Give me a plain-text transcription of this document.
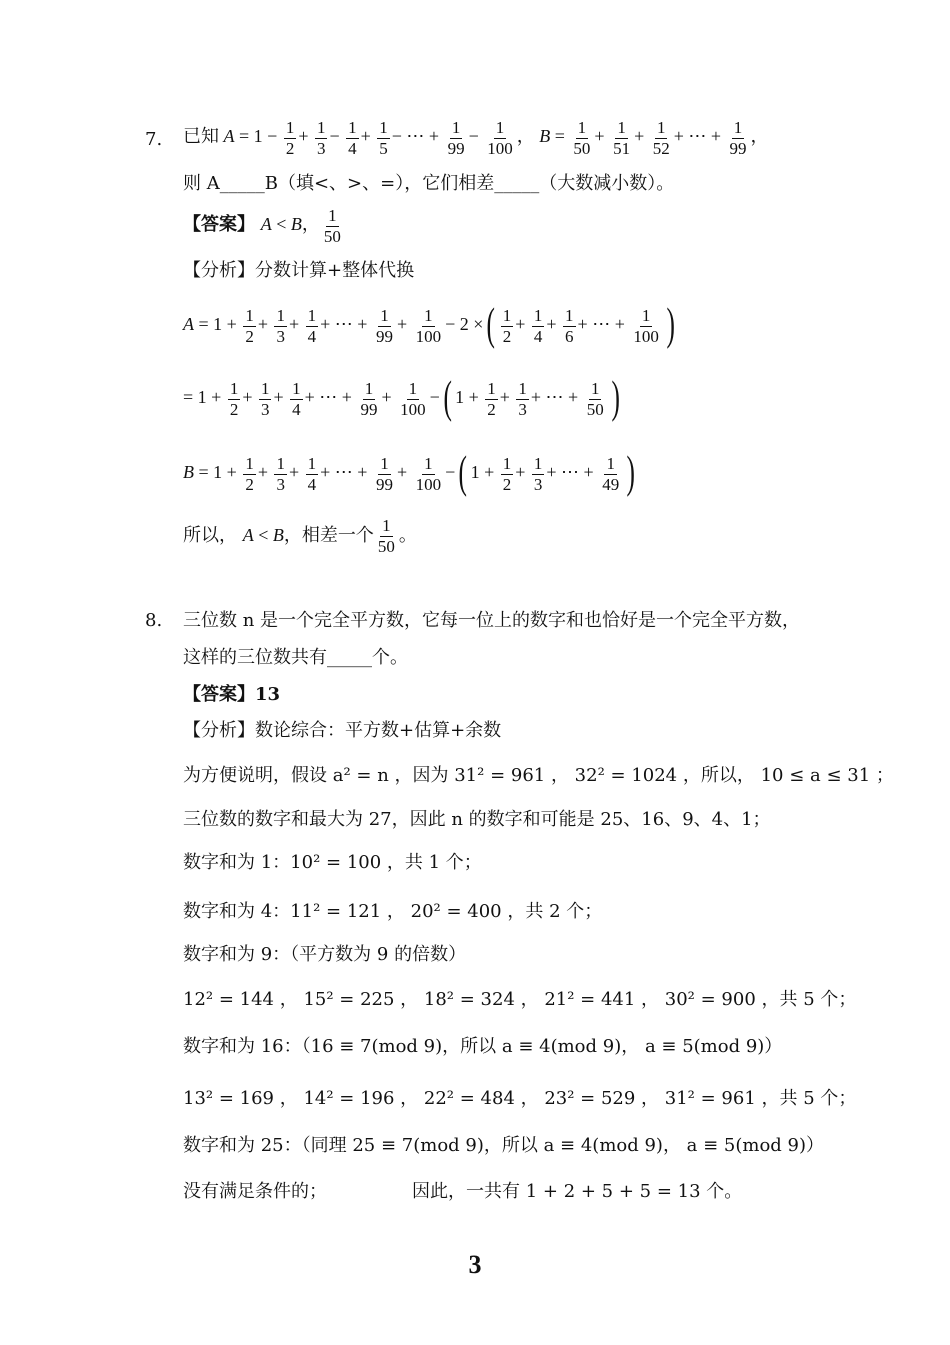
7. 已知 $A = 1 - \frac{1}{2} + \frac{1}{3} - \frac{1}{4} + \frac{1}{5}$ − ⋯ + $\frac{1}{99} - \frac{1}{100}$ ， $B = \frac{1}{50} + \frac{1}{51} + \frac{1}{52}$ + ⋯ + $\frac{1}{99}$ ，
则 A_____B（填<、>、=），它们相差_____（大数减小数）。
【答案】 A < B， $\frac{1}{50}$
【分析】分数计算+整体代换
$A = 1 + \frac{1}{2} + \frac{1}{3} + \frac{1}{4}$ + ⋯ + $\frac{1}{99} + \frac{1}{100} - 2$ ×( $\frac{1}{2} + \frac{1}{4} + \frac{1}{6}$ + ⋯ + $\frac{1}{100}$ )
= $1 + \frac{1}{2} + \frac{1}{3} + \frac{1}{4}$ + ⋯ + $\frac{1}{99} + \frac{1}{100}$ −( $1 + \frac{1}{2} + \frac{1}{3}$ + ⋯ + $\frac{1}{50}$ )
$B = 1 + \frac{1}{2} + \frac{1}{3} + \frac{1}{4}$ + ⋯ + $\frac{1}{99} + \frac{1}{100}$ −( $1 + \frac{1}{2} + \frac{1}{3}$ + ⋯ + $\frac{1}{49}$ )
所以， A < B，相差一个 $\frac{1}{50}$ 。
8. 三位数 n 是一个完全平方数，它每一位上的数字和也恰好是一个完全平方数，
这样的三位数共有_____个。
【答案】13
【分析】数论综合：平方数+估算+余数
为方便说明，假设 a² = n ，因为 31² = 961 ， 32² = 1024 ，所以， 10 ≤ a ≤ 31 ；
三位数的数字和最大为 27，因此 n 的数字和可能是 25、16、9、4、1；
数字和为 1：10² = 100 ，共 1 个；
数字和为 4：11² = 121 ， 20² = 400 ，共 2 个；
数字和为 9：（平方数为 9 的倍数）
12² = 144 ， 15² = 225 ， 18² = 324 ， 21² = 441 ， 30² = 900 ，共 5 个；
数字和为 16：（16 ≡ 7(mod 9)，所以 a ≡ 4(mod 9)， a ≡ 5(mod 9)）
13² = 169 ， 14² = 196 ， 22² = 484 ， 23² = 529 ， 31² = 961 ，共 5 个；
数字和为 25：（同理 25 ≡ 7(mod 9)，所以 a ≡ 4(mod 9)， a ≡ 5(mod 9)）
没有满足条件的；	因此，一共有 1 + 2 + 5 + 5 = 13 个。
3
